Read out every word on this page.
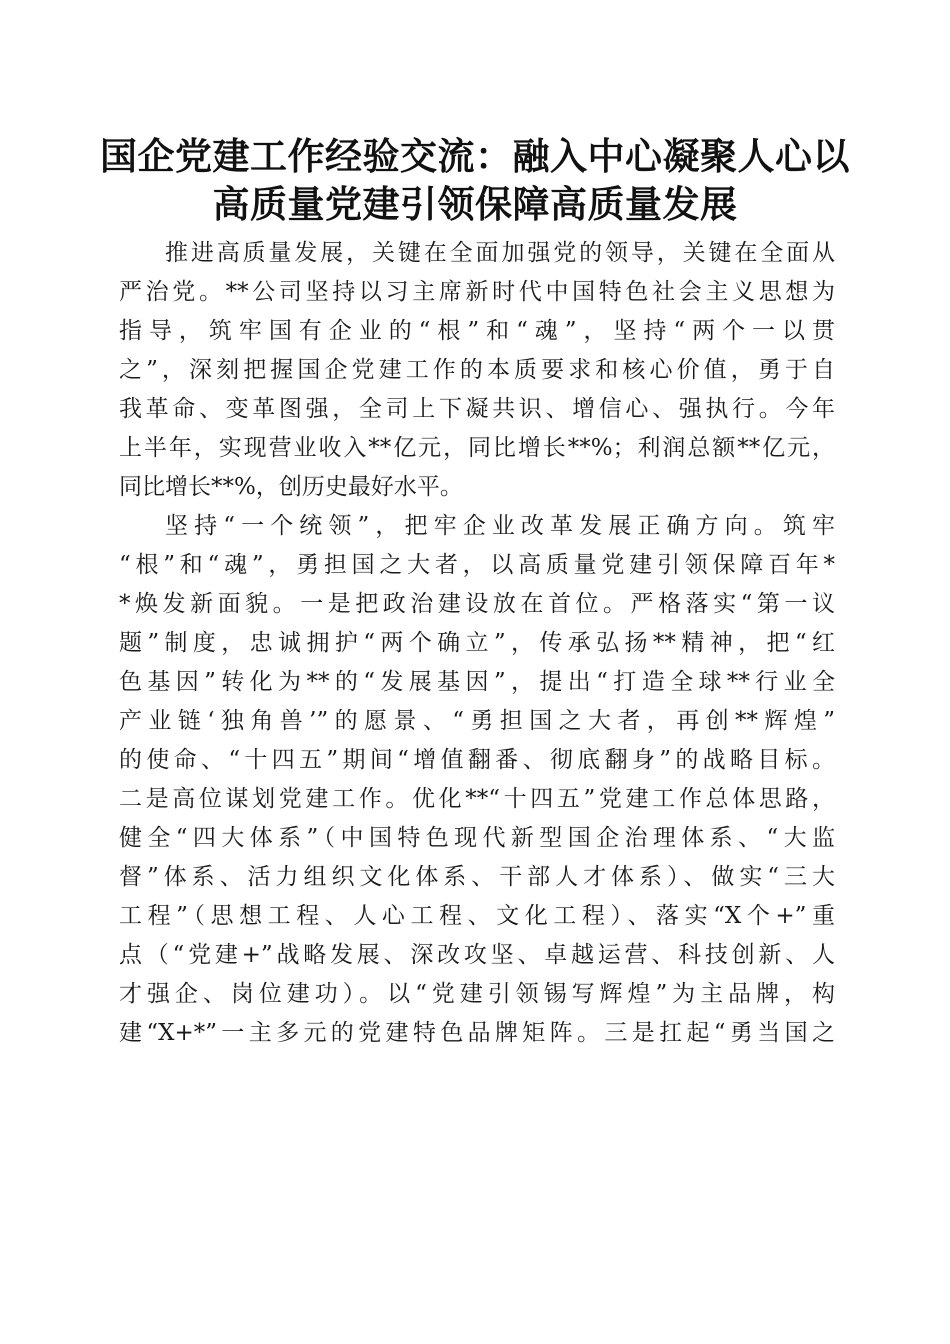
国企党建工作经验交流：融入中心凝聚人心以
高质量党建引领保障高质量发展
推进高质量发展，关键在全面加强党的领导，关键在全面从
严治党。**公司坚持以习主席新时代中国特色社会主义思想为
指导，筑牢国有企业的“根”和“魂”，坚持“两个一以贯
之”，深刻把握国企党建工作的本质要求和核心价值，勇于自
我革命、变革图强，全司上下凝共识、增信心、强执行。今年
上半年，实现营业收入**亿元，同比增长**%；利润总额**亿元，
同比增长**%，创历史最好水平。
坚持“一个统领”，把牢企业改革发展正确方向。筑牢
“根”和“魂”，勇担国之大者，以高质量党建引领保障百年*
*焕发新面貌。一是把政治建设放在首位。严格落实“第一议
题”制度，忠诚拥护“两个确立”，传承弘扬**精神，把“红
色基因”转化为**的“发展基因”，提出“打造全球**行业全
产业链‘独角兽’”的愿景、“勇担国之大者，再创**辉煌”
的使命、“十四五”期间“增值翻番、彻底翻身”的战略目标。
二是高位谋划党建工作。优化**“十四五”党建工作总体思路，
健全“四大体系”（中国特色现代新型国企治理体系、“大监
督”体系、活力组织文化体系、干部人才体系）、做实“三大
工程”（思想工程、人心工程、文化工程）、落实“X个+”重
点（“党建+”战略发展、深改攻坚、卓越运营、科技创新、人
才强企、岗位建功）。以“党建引领锡写辉煌”为主品牌，构
建“X+*”一主多元的党建特色品牌矩阵。三是扛起“勇当国之
